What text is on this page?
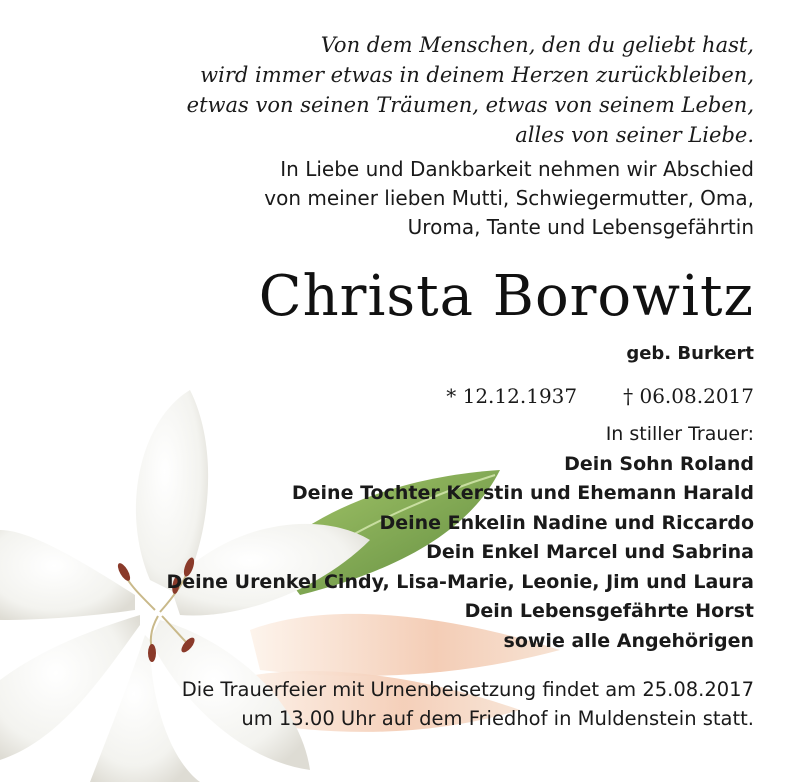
Von dem Menschen, den du geliebt hast,
wird immer etwas in deinem Herzen zurückbleiben,
etwas von seinen Träumen, etwas von seinem Leben,
alles von seiner Liebe.
In Liebe und Dankbarkeit nehmen wir Abschied
von meiner lieben Mutti, Schwiegermutter, Oma,
Uroma, Tante und Lebensgefährtin
Christa Borowitz
geb. Burkert
* 12.12.1937 † 06.08.2017
In stiller Trauer:
Dein Sohn Roland
Deine Tochter Kerstin und Ehemann Harald
Deine Enkelin Nadine und Riccardo
Dein Enkel Marcel und Sabrina
Deine Urenkel Cindy, Lisa-Marie, Leonie, Jim und Laura
Dein Lebensgefährte Horst
sowie alle Angehörigen
Die Trauerfeier mit Urnenbeisetzung findet am 25.08.2017
um 13.00 Uhr auf dem Friedhof in Muldenstein statt.
